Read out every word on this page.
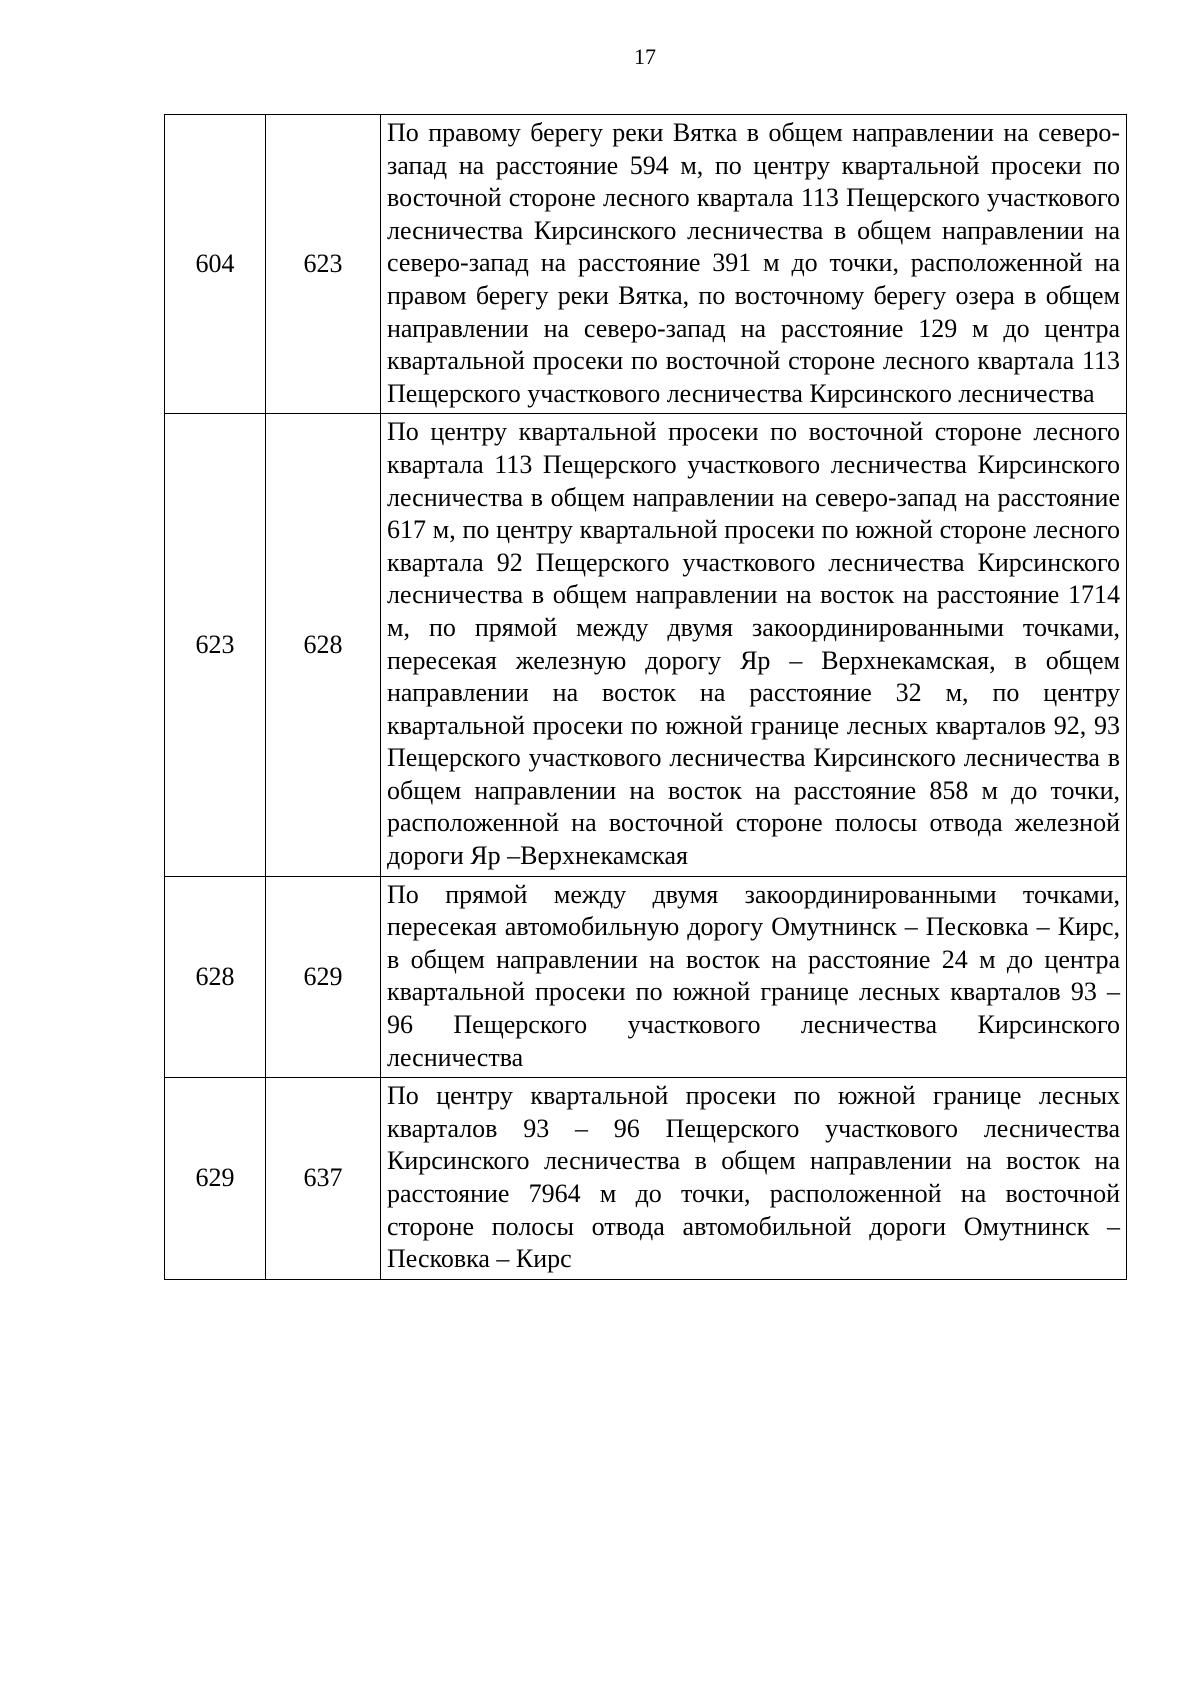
17
604	623	По правому берегу реки Вятка в общем направлении на северо-запад на расстояние 594 м, по центру квартальной просеки по восточной стороне лесного квартала 113 Пещерского участкового лесничества Кирсинского лесничества в общем направлении на северо-запад на расстояние 391 м до точки, расположенной на правом берегу реки Вятка, по восточному берегу озера в общем направлении на северо-запад на расстояние 129 м до центра квартальной просеки по восточной стороне лесного квартала 113 Пещерского участкового лесничества Кирсинского лесничества
623	628	По центру квартальной просеки по восточной стороне лесного квартала 113 Пещерского участкового лесничества Кирсинского лесничества в общем направлении на северо-запад на расстояние 617 м, по центру квартальной просеки по южной стороне лесного квартала 92 Пещерского участкового лесничества Кирсинского лесничества в общем направлении на восток на расстояние 1714 м, по прямой между двумя закоординированными точками, пересекая железную дорогу Яр – Верхнекамская, в общем направлении на восток на расстояние 32 м, по центру квартальной просеки по южной границе лесных кварталов 92, 93 Пещерского участкового лесничества Кирсинского лесничества в общем направлении на восток на расстояние 858 м до точки, расположенной на восточной стороне полосы отвода железной дороги Яр –Верхнекамская
628	629	По прямой между двумя закоординированными точками, пересекая автомобильную дорогу Омутнинск – Песковка – Кирс, в общем направлении на восток на расстояние 24 м до центра квартальной просеки по южной границе лесных кварталов 93 – 96 Пещерского участкового лесничества Кирсинского лесничества
629	637	По центру квартальной просеки по южной границе лесных кварталов 93 – 96 Пещерского участкового лесничества Кирсинского лесничества в общем направлении на восток на расстояние 7964 м до точки, расположенной на восточной стороне полосы отвода автомобильной дороги Омутнинск – Песковка – Кирс
